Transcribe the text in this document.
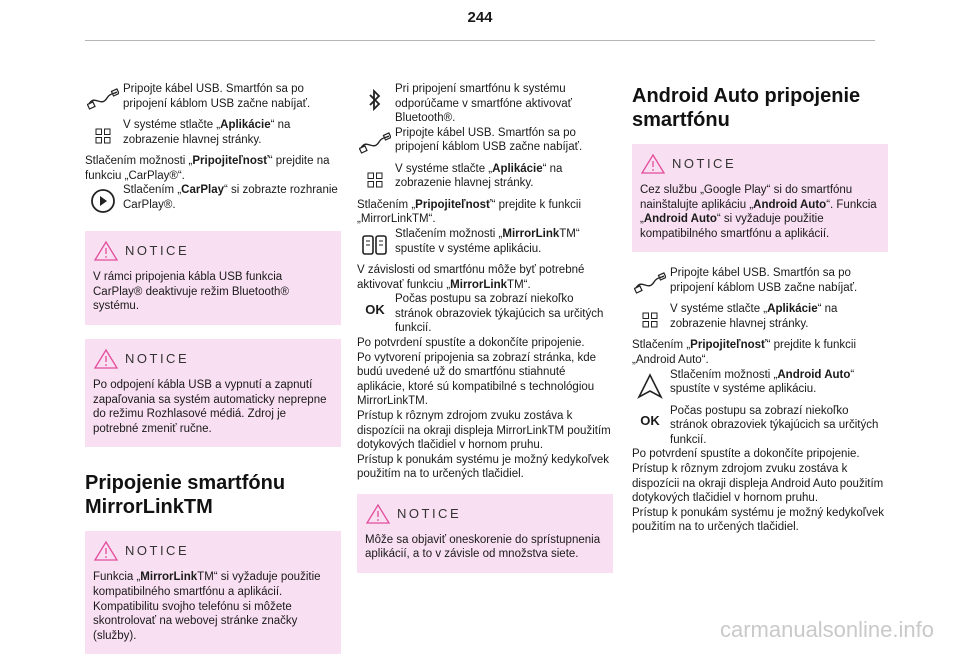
244
Pripojte kábel USB. Smartfón sa po pripojení káblom USB začne nabíjať.
V systéme stlačte „Aplikácie“ na zobrazenie hlavnej stránky.
Stlačením možnosti „Pripojiteľnosť“ prejdite na funkciu „CarPlay®“.
Stlačením „CarPlay“ si zobrazte rozhranie CarPlay®.
NOTICE

V rámci pripojenia kábla USB funkcia CarPlay® deaktivuje režim Bluetooth® systému.

NOTICE

Po odpojení kábla USB a vypnutí a zapnutí zapaľovania sa systém automaticky neprepne do režimu Rozhlasové médiá. Zdroj je potrebné zmeniť ručne.

Pripojenie smartfónu MirrorLinkTM
NOTICE

Funkcia „MirrorLinkTM“ si vyžaduje použitie kompatibilného smartfónu a aplikácií. Kompatibilitu svojho telefónu si môžete skontrolovať na webovej stránke značky (služby).

Pri pripojení smartfónu k systému odporúčame v smartfóne aktivovať Bluetooth®.
Pripojte kábel USB. Smartfón sa po pripojení káblom USB začne nabíjať.
V systéme stlačte „Aplikácie“ na zobrazenie hlavnej stránky.
Stlačením „Pripojiteľnosť“ prejdite k funkcii „MirrorLinkTM“.
Stlačením možnosti „MirrorLinkTM“ spustíte v systéme aplikáciu.
V závislosti od smartfónu môže byť potrebné aktivovať funkciu „MirrorLinkTM“.
OK
Počas postupu sa zobrazí niekoľko stránok obrazoviek týkajúcich sa určitých funkcií.
Po potvrdení spustíte a dokončíte pripojenie.
Po vytvorení pripojenia sa zobrazí stránka, kde budú uvedené už do smartfónu stiahnuté aplikácie, ktoré sú kompatibilné s technológiou MirrorLinkTM.
Prístup k rôznym zdrojom zvuku zostáva k dispozícii na okraji displeja MirrorLinkTM použitím dotykových tlačidiel v hornom pruhu.
Prístup k ponukám systému je možný kedykoľvek použitím na to určených tlačidiel.
NOTICE

Môže sa objaviť oneskorenie do sprístupnenia aplikácií, a to v závisle od množstva siete.

Android Auto pripojenie smartfónu
NOTICE

Cez službu „Google Play“ si do smartfónu nainštalujte aplikáciu „Android Auto“. Funkcia „Android Auto“ si vyžaduje použitie kompatibilného smartfónu a aplikácií.

Pripojte kábel USB. Smartfón sa po pripojení káblom USB začne nabíjať.
V systéme stlačte „Aplikácie“ na zobrazenie hlavnej stránky.
Stlačením „Pripojiteľnosť“ prejdite k funkcii „Android Auto“.
Stlačením možnosti „Android Auto“ spustíte v systéme aplikáciu.
OK
Počas postupu sa zobrazí niekoľko stránok obrazoviek týkajúcich sa určitých funkcií.
Po potvrdení spustíte a dokončíte pripojenie.
Prístup k rôznym zdrojom zvuku zostáva k dispozícii na okraji displeja Android Auto použitím dotykových tlačidiel v hornom pruhu.
Prístup k ponukám systému je možný kedykoľvek použitím na to určených tlačidiel.
carmanualsonline.info
